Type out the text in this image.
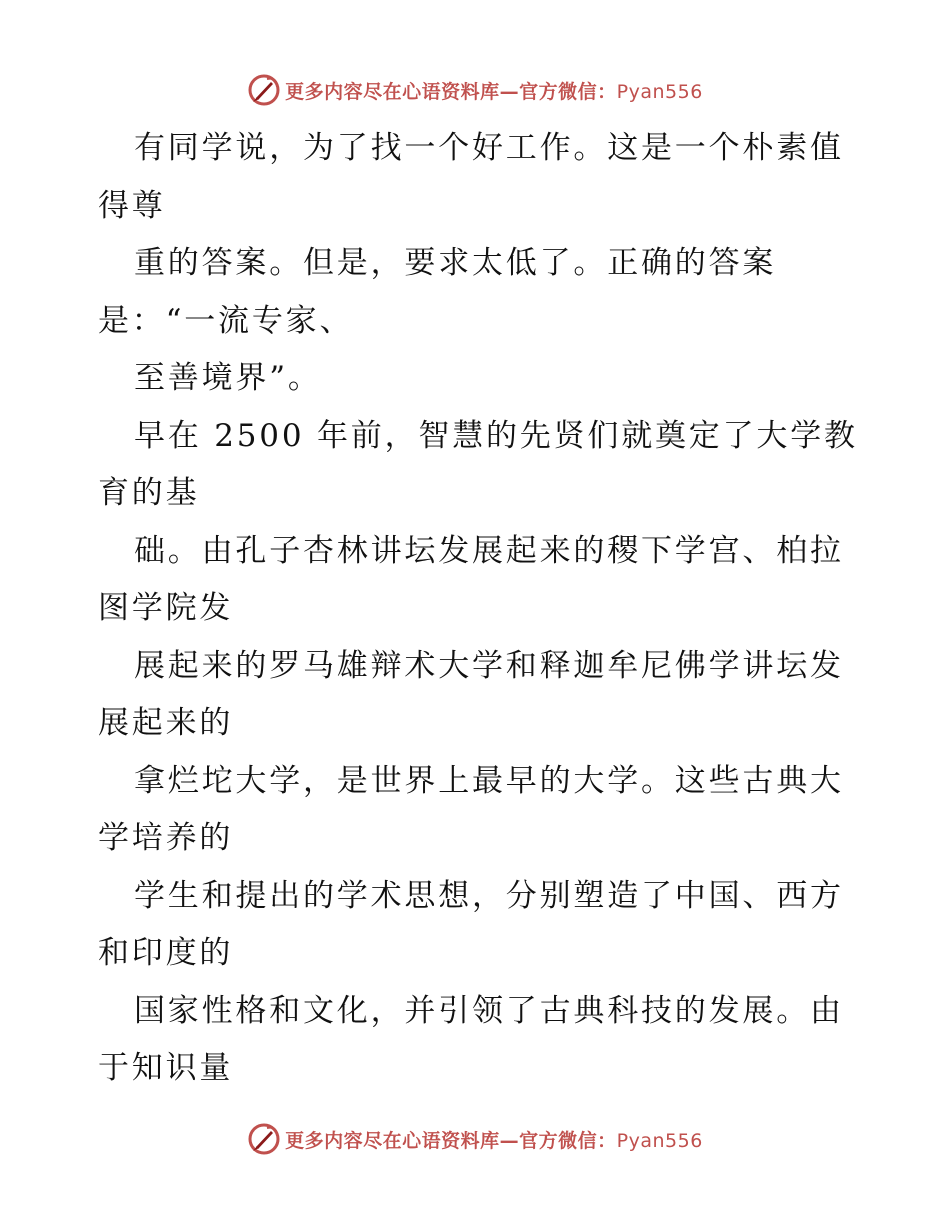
更多内容尽在心语资料库—官方微信：Pyan556
有同学说，为了找一个好工作。这是一个朴素值
得尊
重的答案。但是，要求太低了。正确的答案
是：“一流专家、
至善境界”。
早在 2500 年前，智慧的先贤们就奠定了大学教
育的基
础。由孔子杏林讲坛发展起来的稷下学宫、柏拉
图学院发
展起来的罗马雄辩术大学和释迦牟尼佛学讲坛发
展起来的
拿烂坨大学，是世界上最早的大学。这些古典大
学培养的
学生和提出的学术思想，分别塑造了中国、西方
和印度的
国家性格和文化，并引领了古典科技的发展。由
于知识量
更多内容尽在心语资料库—官方微信：Pyan556
